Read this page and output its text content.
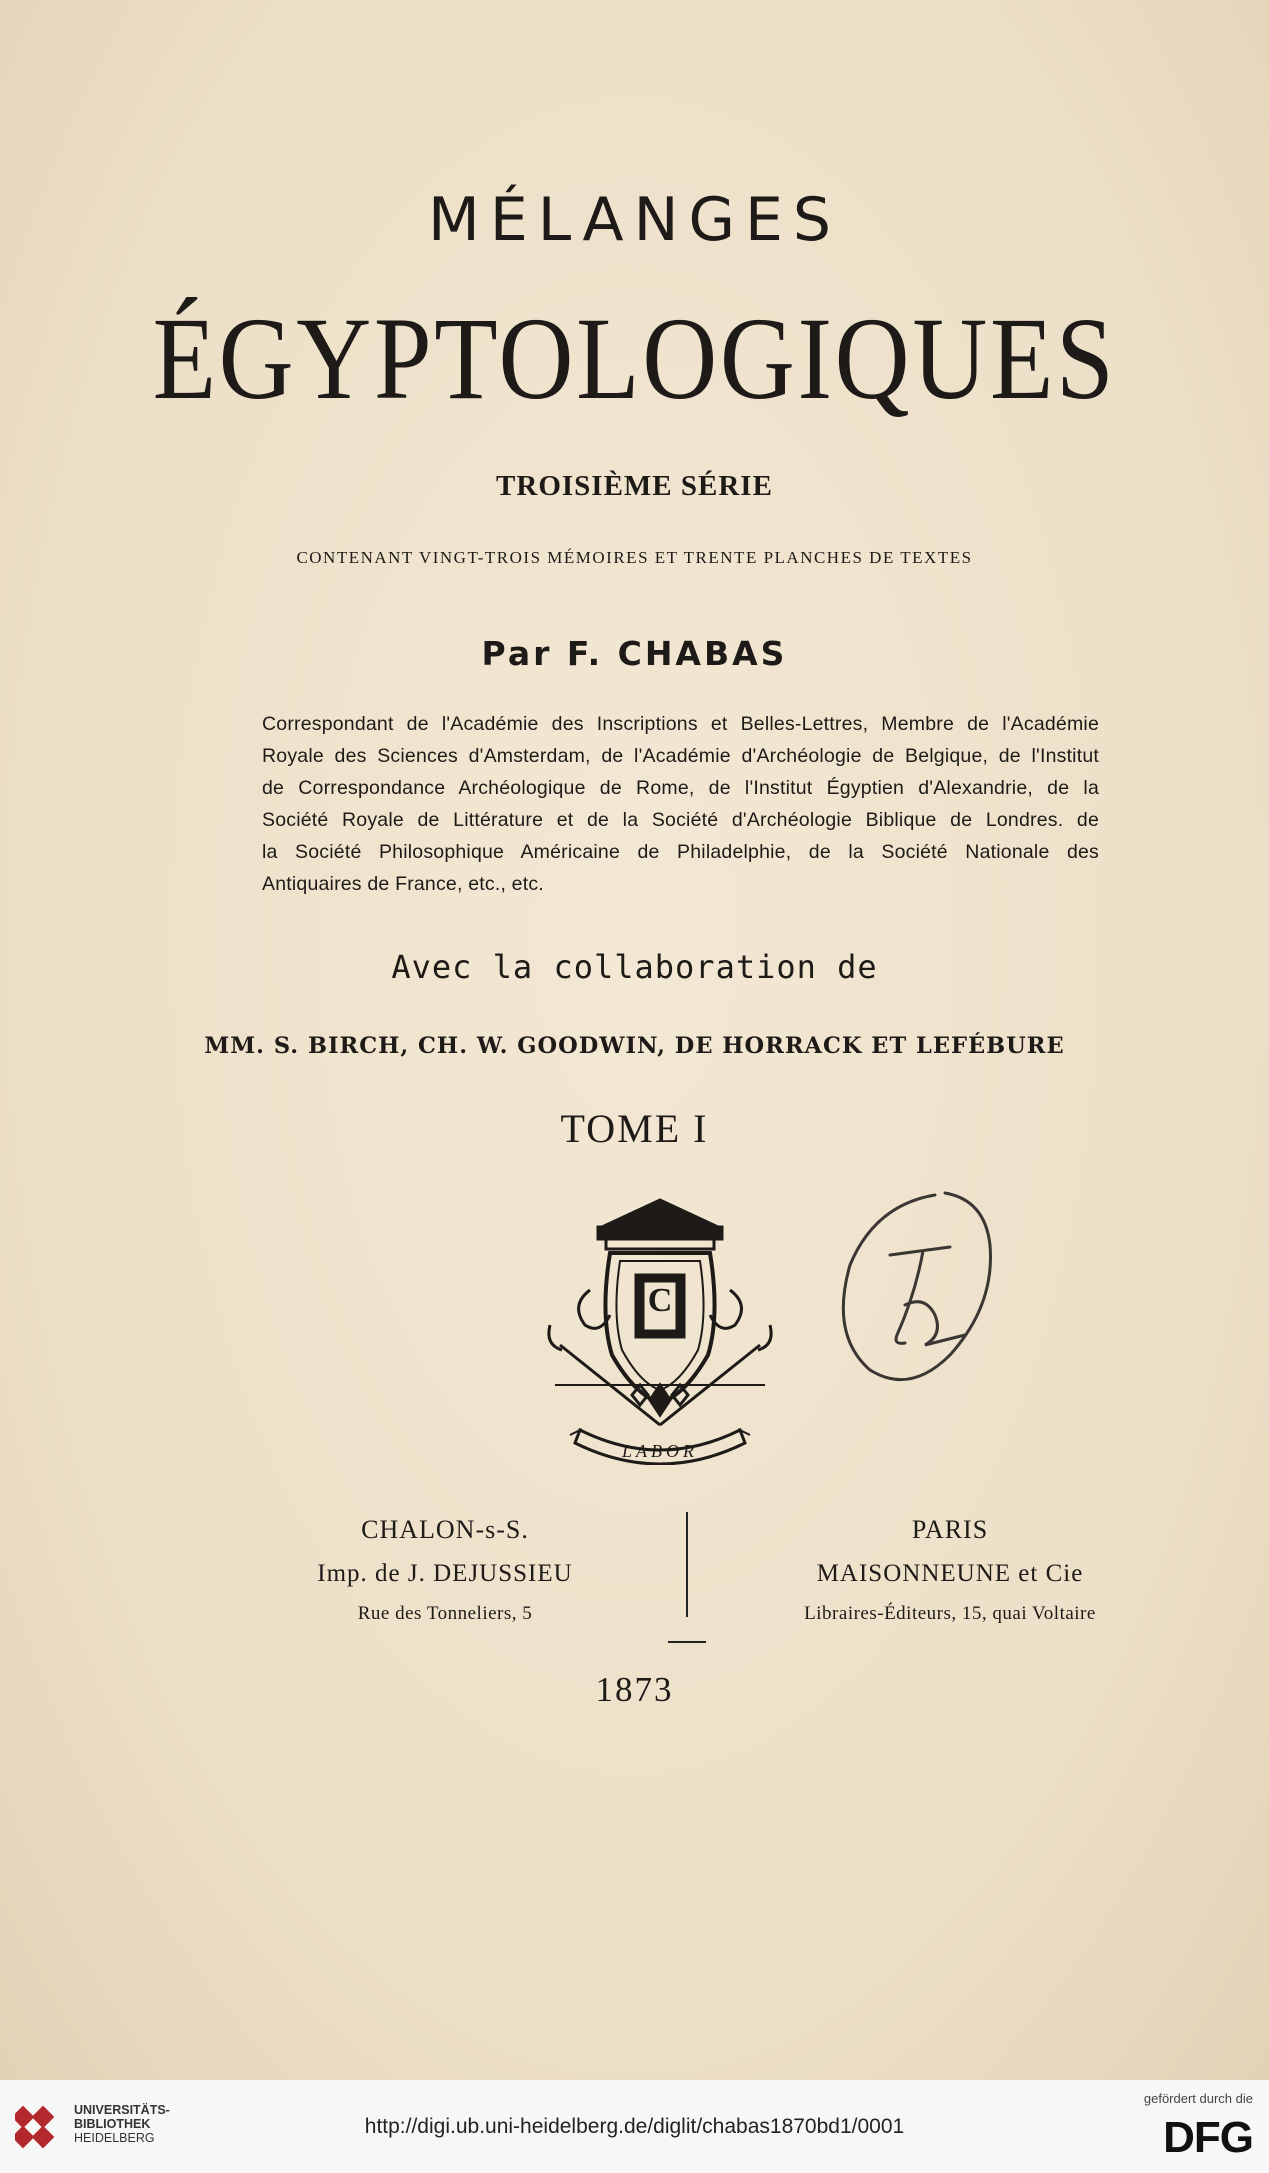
MÉLANGES
ÉGYPTOLOGIQUES
TROISIÈME SÉRIE
CONTENANT VINGT-TROIS MÉMOIRES ET TRENTE PLANCHES DE TEXTES
Par F. CHABAS

Correspondant de l'Académie des Inscriptions et Belles-Lettres, Membre de l'Académie

Royale des Sciences d'Amsterdam, de l'Académie d'Archéologie de Belgique, de l'Institut

de Correspondance Archéologique de Rome, de l'Institut Égyptien d'Alexandrie, de la

Société Royale de Littérature et de la Société d'Archéologie Biblique de Londres. de

la Société Philosophique Américaine de Philadelphie, de la Société Nationale des

Antiquaires de France, etc., etc.

Avec la collaboration de
MM. S. BIRCH, CH. W. GOODWIN, DE HORRACK ET LEFÉBURE
TOME I
C
LABOR
CHALON-s-S.
Imp. de J. DEJUSSIEU
Rue des Tonneliers, 5
PARIS
MAISONNEUNE et Cie
Libraires-Éditeurs, 15, quai Voltaire
1873
UNIVERSITÄTS-
BIBLIOTHEK
HEIDELBERG	http://digi.ub.uni-heidelberg.de/diglit/chabas1870bd1/0001
gefördert durch die
DFG
